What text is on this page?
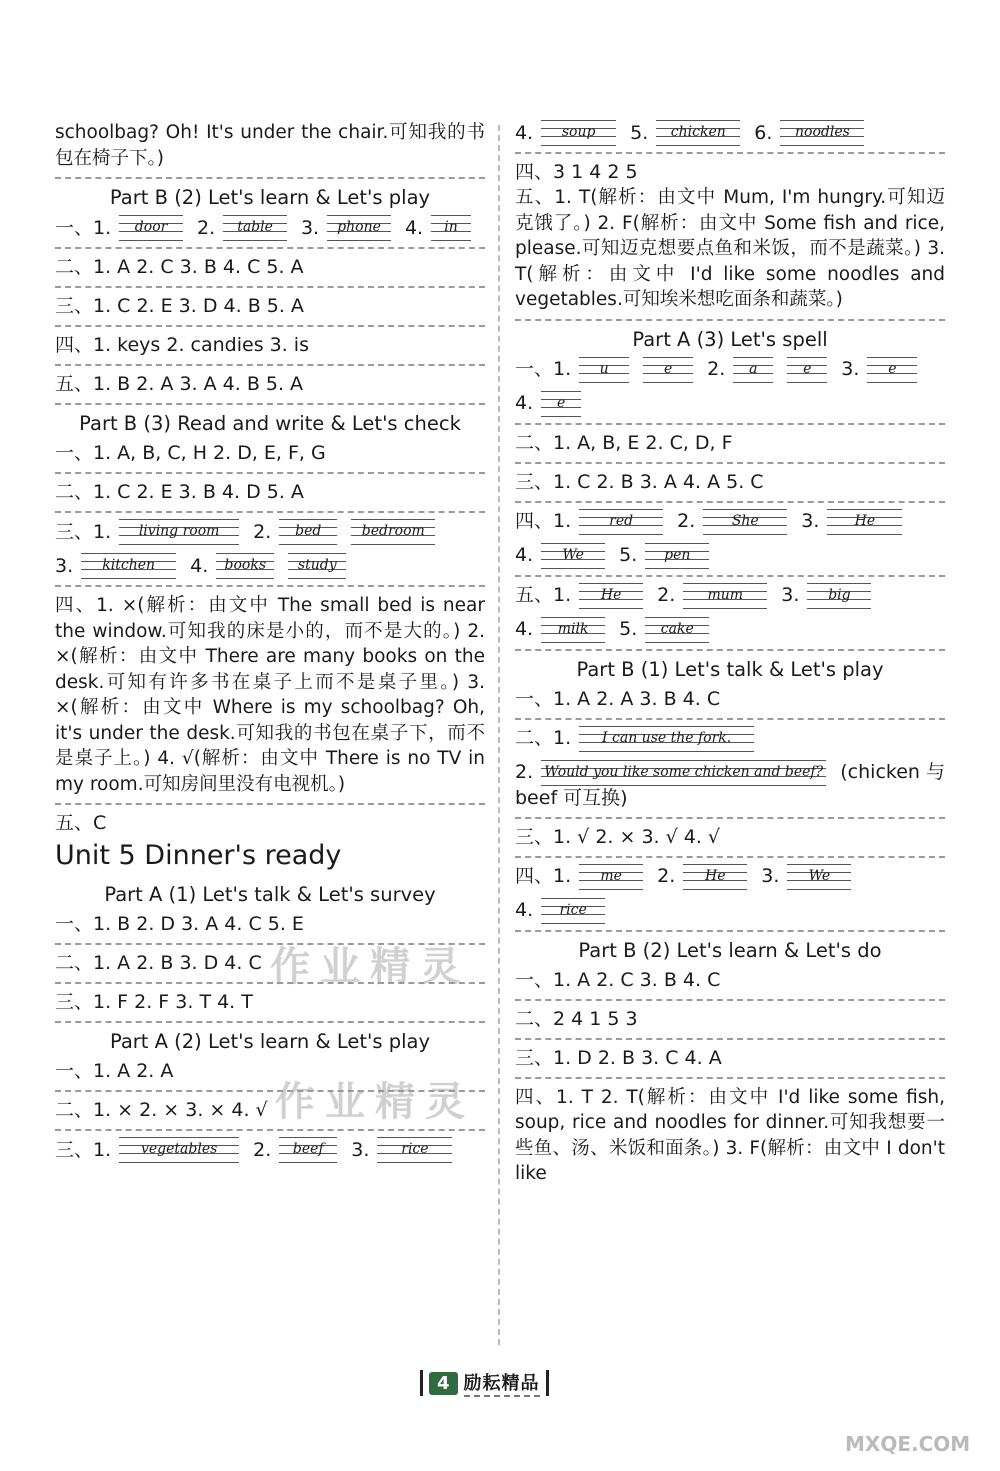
schoolbag? Oh! It's under the chair.可知我的书包在椅子下。)
Part B (2) Let's learn & Let's play
一、1.	door	2.	table	3.	phone	4.	in
二、1. A 2. C 3. B 4. C 5. A
三、1. C 2. E 3. D 4. B 5. A
四、1. keys 2. candies 3. is
五、1. B 2. A 3. A 4. B 5. A
Part B (3) Read and write & Let's check
一、1. A, B, C, H 2. D, E, F, G
二、1. C 2. E 3. B 4. D 5. A
三、1.	living room	2.	bed	bedroom
3.	kitchen	4.	books	study
四、1. ×(解析：由文中 The small bed is near the window.可知我的床是小的，而不是大的。) 2. ×(解析：由文中 There are many books on the desk.可知有许多书在桌子上而不是桌子里。) 3. ×(解析：由文中 Where is my schoolbag? Oh, it's under the desk.可知我的书包在桌子下，而不是桌子上。) 4. √(解析：由文中 There is no TV in my room.可知房间里没有电视机。)
五、C
Unit 5 Dinner's ready
Part A (1) Let's talk & Let's survey
一、1. B 2. D 3. A 4. C 5. E
二、1. A 2. B 3. D 4. C
三、1. F 2. F 3. T 4. T
Part A (2) Let's learn & Let's play
一、1. A 2. A
二、1. × 2. × 3. × 4. √
三、1.	vegetables	2.	beef	3.	rice
4.	soup	5.	chicken	6.	noodles
四、3 1 4 2 5
五、1. T(解析：由文中 Mum, I'm hungry.可知迈克饿了。) 2. F(解析：由文中 Some fish and rice, please.可知迈克想要点鱼和米饭，而不是蔬菜。) 3. T(解析：由文中 I'd like some noodles and vegetables.可知埃米想吃面条和蔬菜。)
Part A (3) Let's spell
一、1.	u	e	2.	a	e	3.	e
4.	e
二、1. A, B, E 2. C, D, F
三、1. C 2. B 3. A 4. A 5. C
四、1.	red	2.	She	3.	He
4.	We	5.	pen
五、1.	He	2.	mum	3.	big
4.	milk	5.	cake
Part B (1) Let's talk & Let's play
一、1. A 2. A 3. B 4. C
二、1.	I can use the fork.
2. Would you like some chicken and beef? (chicken 与
beef 可互换)
三、1. √ 2. × 3. √ 4. √
四、1.	me	2.	He	3.	We
4.	rice
Part B (2) Let's learn & Let's do
一、1. A 2. C 3. B 4. C
二、2 4 1 5 3
三、1. D 2. B 3. C 4. A
四、1. T 2. T(解析：由文中 I'd like some fish, soup, rice and noodles for dinner.可知我想要一些鱼、汤、米饭和面条。) 3. F(解析：由文中 I don't like
4 励耘精品
作业精灵
作业精灵
MXQE.COM
